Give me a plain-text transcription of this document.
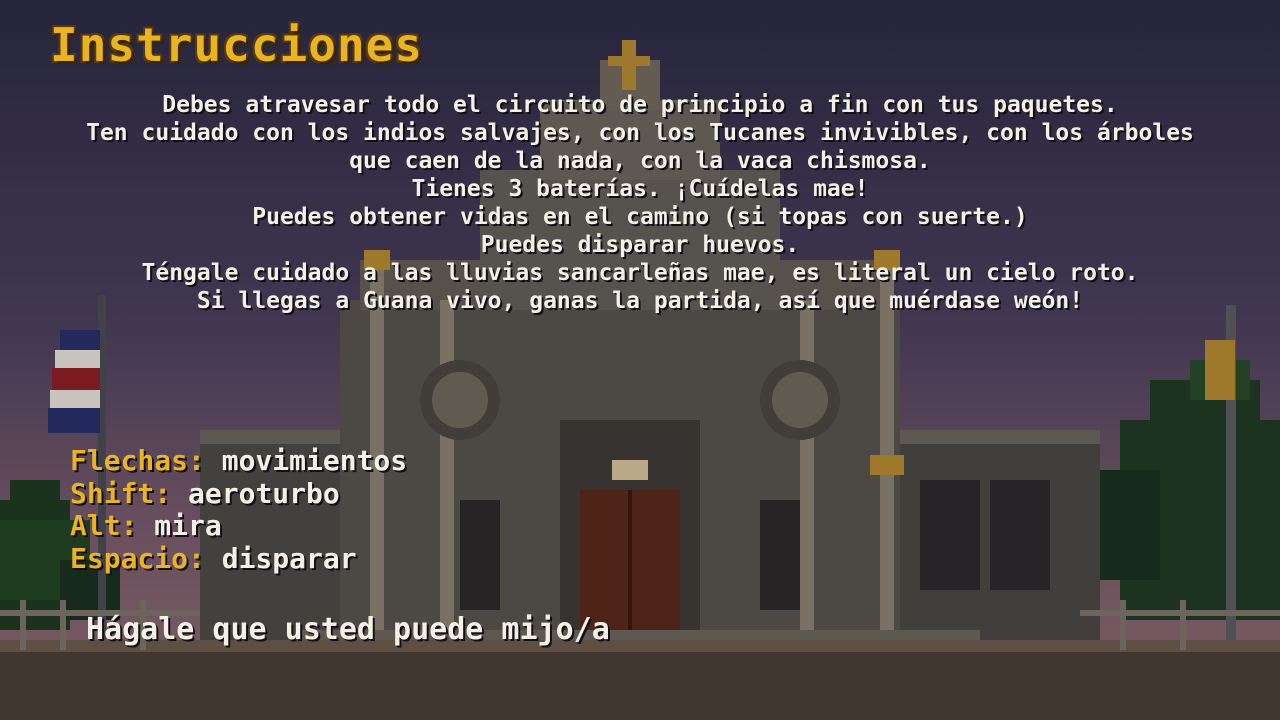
Instrucciones
Debes atravesar todo el circuito de principio a fin con tus paquetes.
Ten cuidado con los indios salvajes, con los Tucanes invivibles, con los árboles que caen de la nada, con la vaca chismosa.
Tienes 3 baterías. ¡Cuídelas mae!
Puedes obtener vidas en el camino (si topas con suerte.)
Puedes disparar huevos.
Téngale cuidado a las lluvias sancarleñas mae, es literal un cielo roto.
Si llegas a Guana vivo, ganas la partida, así que muérdase weón!
Flechas: movimientos
Shift: aeroturbo
Alt: mira
Espacio: disparar
Hágale que usted puede mijo/a
